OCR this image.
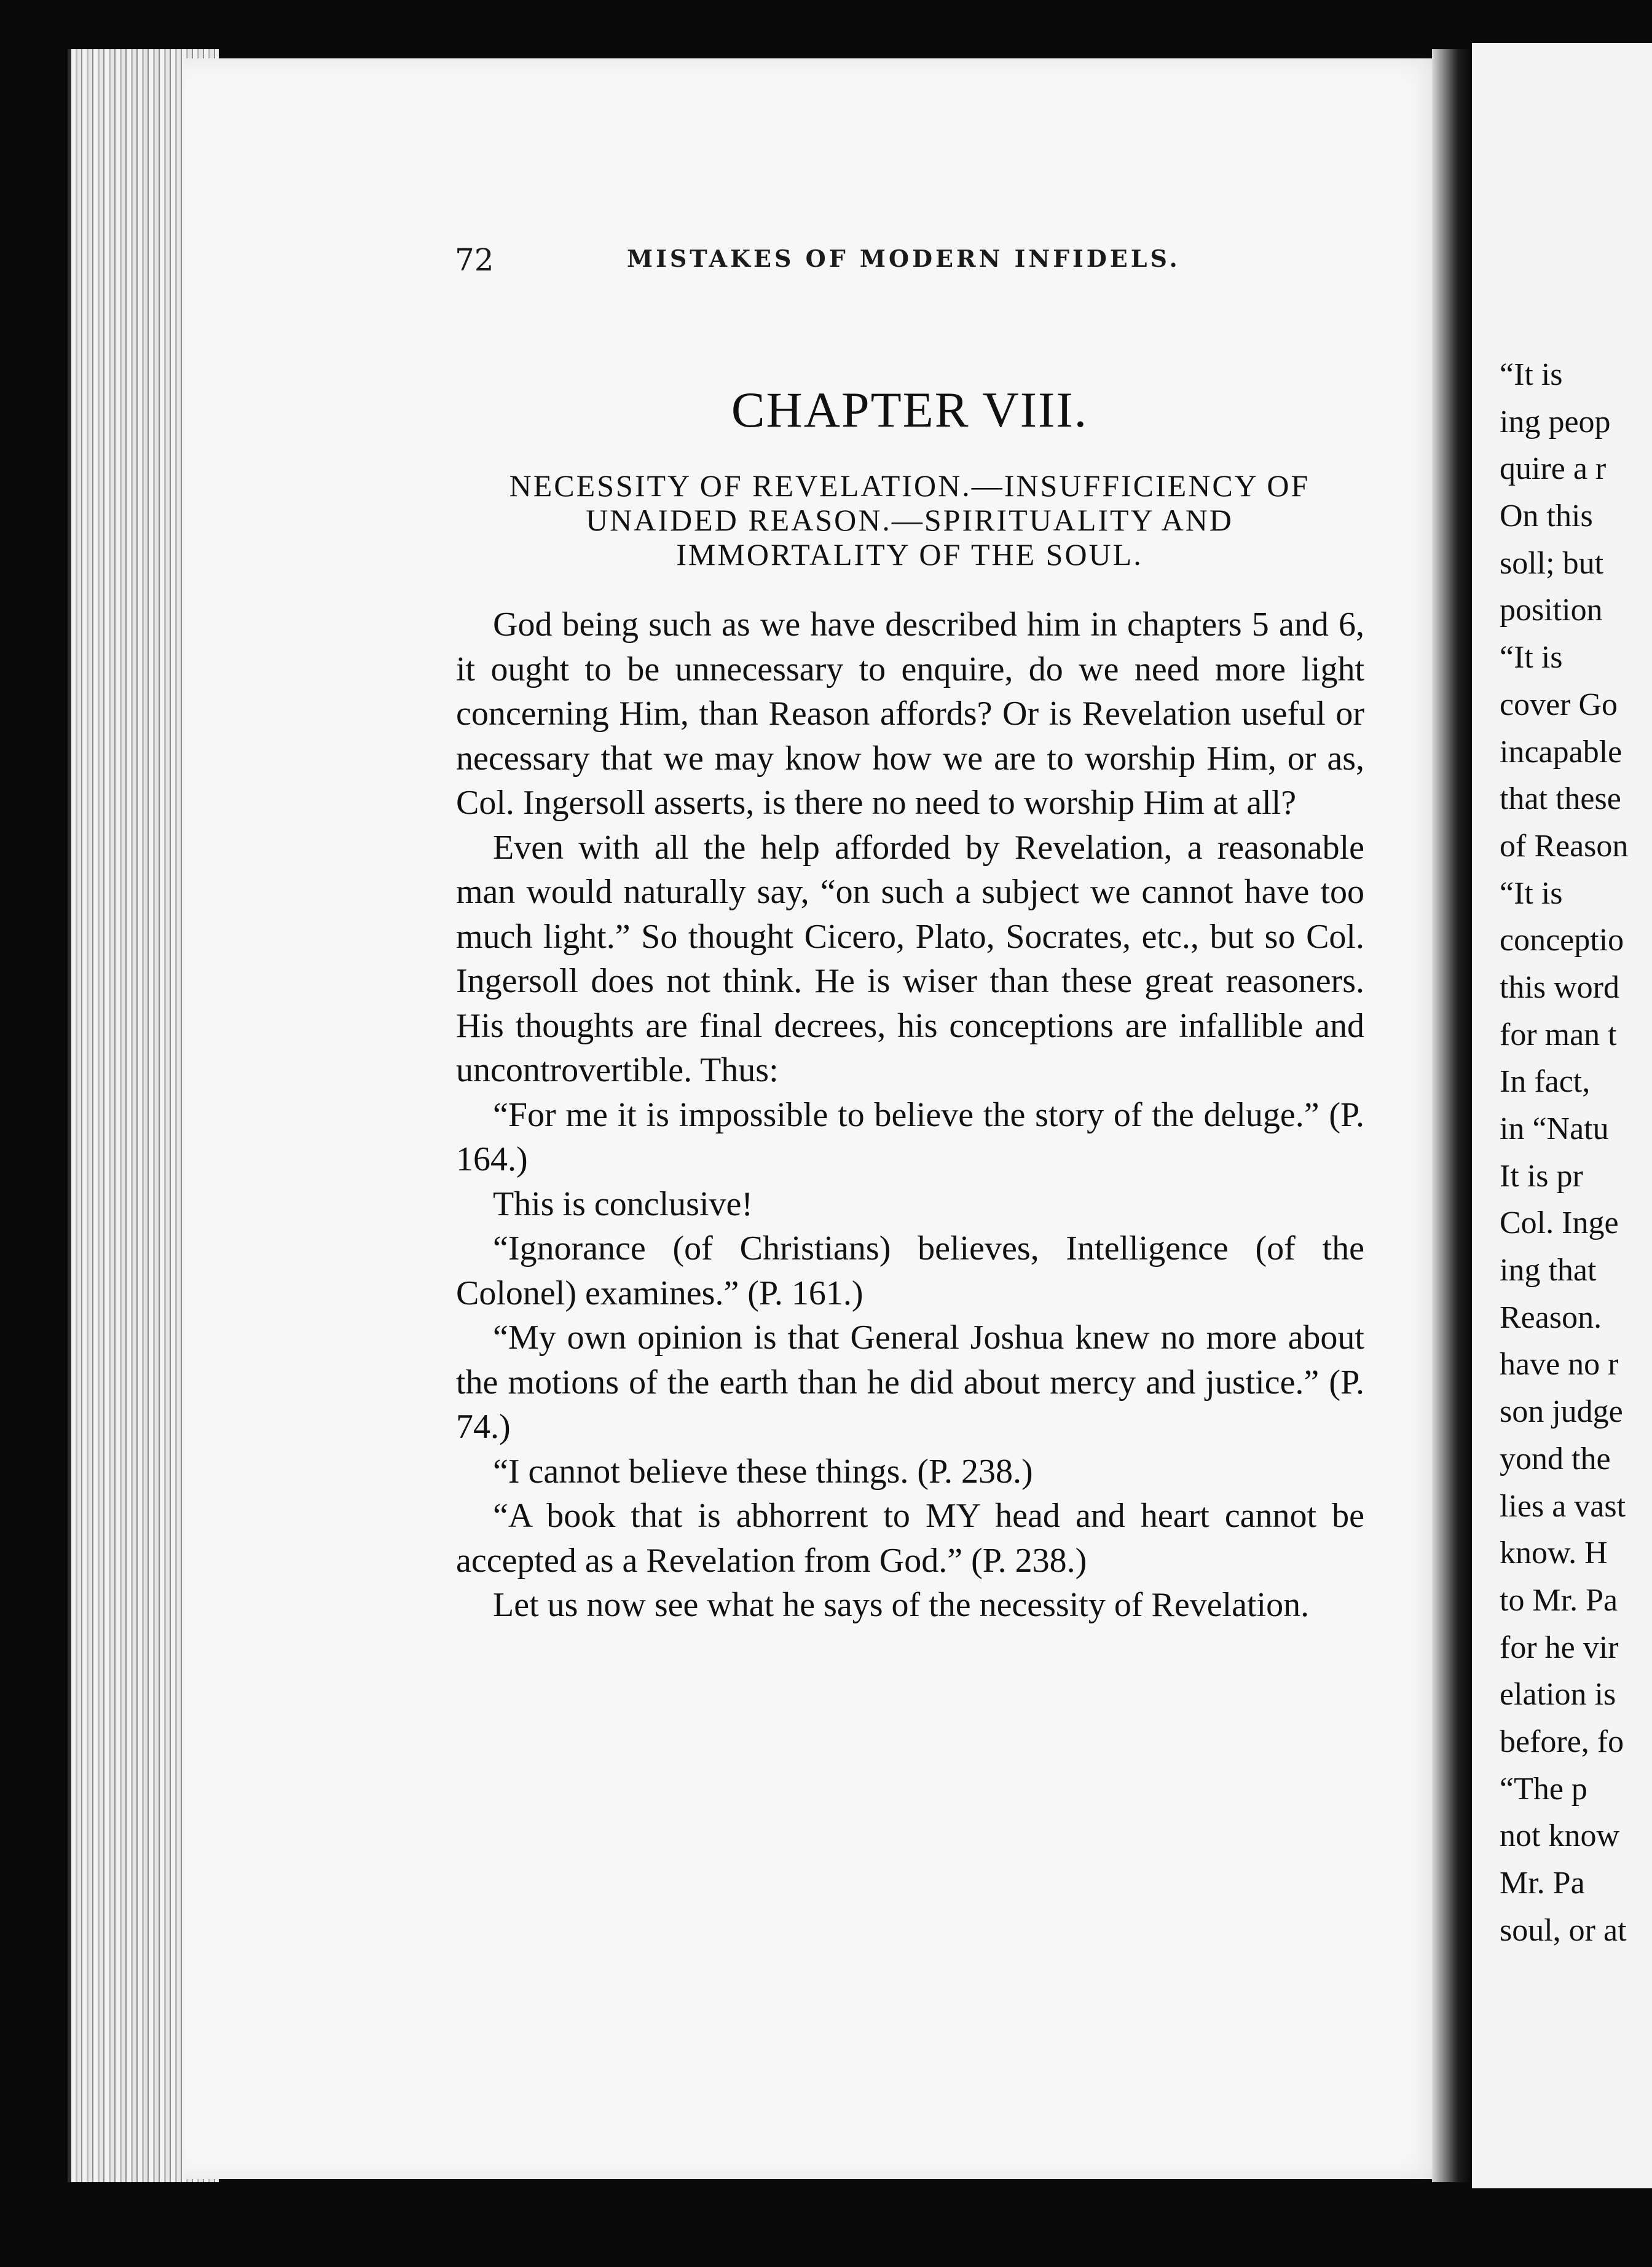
72	MISTAKES OF MODERN INFIDELS.
CHAPTER VIII.
NECESSITY OF REVELATION.—INSUFFICIENCY OF
UNAIDED REASON.—SPIRITUALITY AND
IMMORTALITY OF THE SOUL.

God being such as we have described him in chapters 5 and 6, it ought to be unnecessary to enquire, do we need more light concerning Him, than Reason affords? Or is Revelation useful or necessary that we may know how we are to worship Him, or as, Col. Ingersoll asserts, is there no need to worship Him at all?

Even with all the help afforded by Revelation, a reasonable man would naturally say, “on such a subject we cannot have too much light.” So thought Cicero, Plato, Socrates, etc., but so Col. Ingersoll does not think. He is wiser than these great reasoners. His thoughts are final decrees, his conceptions are infallible and uncontrovertible. Thus:

“For me it is impossible to believe the story of the deluge.” (P. 164.)

This is conclusive!

“Ignorance (of Christians) believes, Intelligence (of the Colonel) examines.” (P. 161.)

“My own opinion is that General Joshua knew no more about the motions of the earth than he did about mercy and justice.” (P. 74.)

“I cannot believe these things. (P. 238.)

“A book that is abhorrent to MY head and heart cannot be accepted as a Revelation from God.” (P. 238.)

Let us now see what he says of the necessity of Revelation.

“It is
ing peop
quire a r
On this
soll; but
position
“It is
cover Go
incapable
that these
of Reason
“It is
conceptio
this word
for man t
In fact,
in “Natu
It is pr
Col. Inge
ing that
Reason.
have no r
son judge
yond the
lies a vast
know. H
to Mr. Pa
for he vir
elation is
before, fo
“The p
not know
Mr. Pa
soul, or at
